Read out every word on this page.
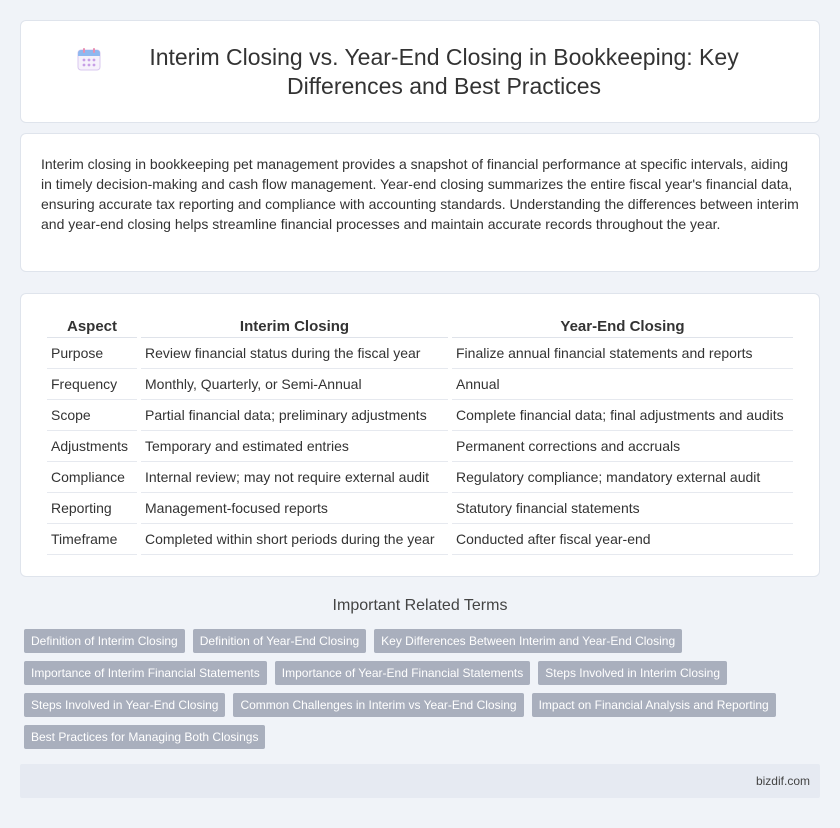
Interim Closing vs. Year-End Closing in Bookkeeping: Key Differences and Best Practices

Interim closing in bookkeeping pet management provides a snapshot of financial performance at specific intervals, aiding in timely decision-making and cash flow management. Year-end closing summarizes the entire fiscal year's financial data, ensuring accurate tax reporting and compliance with accounting standards. Understanding the differences between interim and year-end closing helps streamline financial processes and maintain accurate records throughout the year.

Aspect	Interim Closing	Year-End Closing
Purpose	Review financial status during the fiscal year	Finalize annual financial statements and reports
Frequency	Monthly, Quarterly, or Semi-Annual	Annual
Scope	Partial financial data; preliminary adjustments	Complete financial data; final adjustments and audits
Adjustments	Temporary and estimated entries	Permanent corrections and accruals
Compliance	Internal review; may not require external audit	Regulatory compliance; mandatory external audit
Reporting	Management-focused reports	Statutory financial statements
Timeframe	Completed within short periods during the year	Conducted after fiscal year-end
Important Related Terms
Definition of Interim Closing	Definition of Year-End Closing	Key Differences Between Interim and Year-End Closing
Importance of Interim Financial Statements	Importance of Year-End Financial Statements	Steps Involved in Interim Closing
Steps Involved in Year-End Closing	Common Challenges in Interim vs Year-End Closing	Impact on Financial Analysis and Reporting
Best Practices for Managing Both Closings
bizdif.com
